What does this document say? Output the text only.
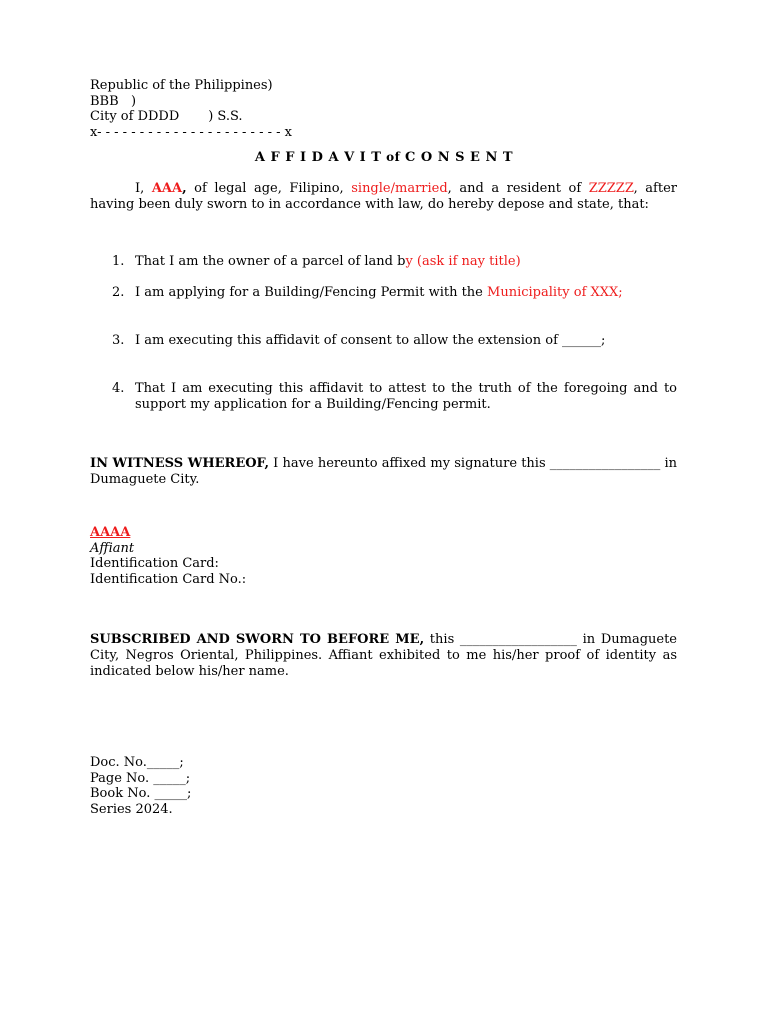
Republic of the Philippines)
BBB   )
City of DDDD       ) S.S.
x- - - - - - - - - - - - - - - - - - - - - - x
A F F I D A V I T of C O N S E N T
I, AAA, of legal age, Filipino, single/married, and a resident of ZZZZZ, after having been duly sworn to in accordance with law, do hereby depose and state, that:
1. That I am the owner of a parcel of land by (ask if nay title)
2. I am applying for a Building/Fencing Permit with the Municipality of XXX;
3. I am executing this affidavit of consent to allow the extension of ______;
4. That I am executing this affidavit to attest to the truth of the foregoing and to support my application for a Building/Fencing permit.
IN WITNESS WHEREOF, I have hereunto affixed my signature this _________________ in Dumaguete City.
AAAA
Affiant
Identification Card:
Identification Card No.:
SUBSCRIBED AND SWORN TO BEFORE ME, this __________________ in Dumaguete City, Negros Oriental, Philippines. Affiant exhibited to me his/her proof of identity as indicated below his/her name.
Doc. No._____;
Page No. _____;
Book No. _____;
Series 2024.
